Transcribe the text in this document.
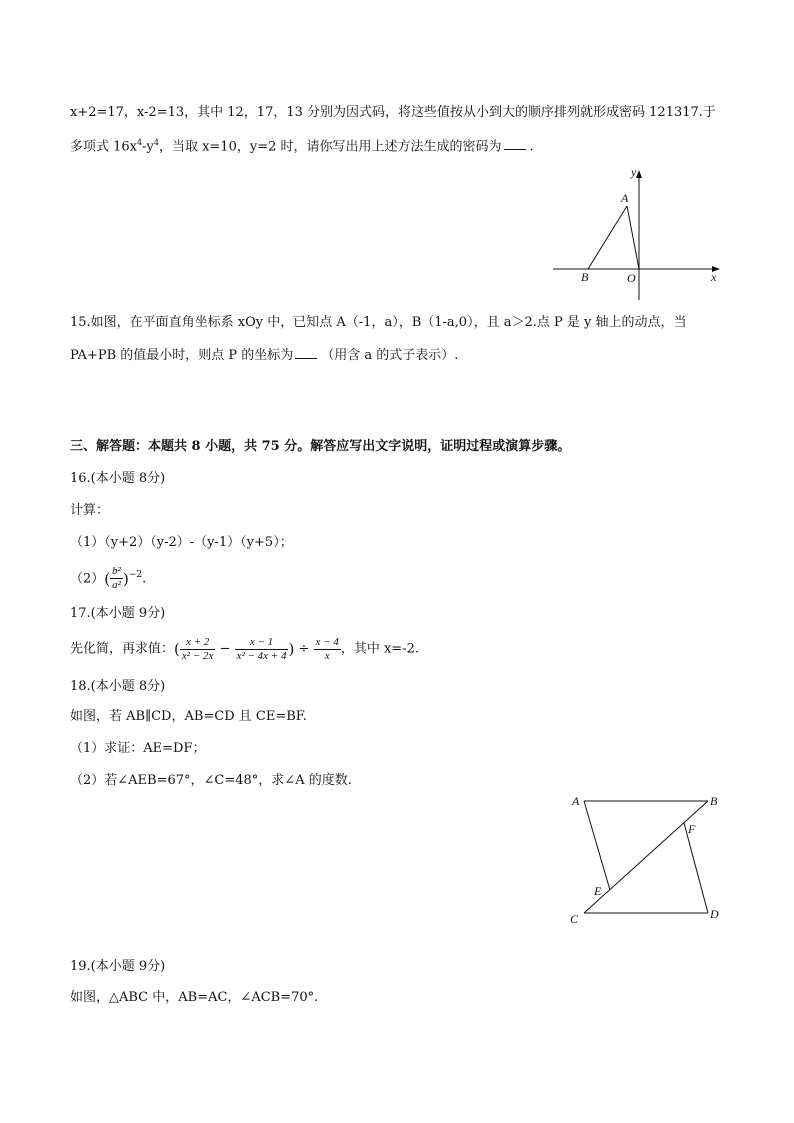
x+2=17，x-2=13，其中 12，17，13 分别为因式码，将这些值按从小到大的顺序排列就形成密码 121317.于
多项式 $16x^4-y^4$，当取 x=10，y=2 时，请你写出用上述方法生成的密码为 .
y
x
A
B	O
15.如图，在平面直角坐标系 xOy 中，已知点 A（-1，a），B（1-a,0），且 a＞2.点 P 是 y 轴上的动点，当
PA+PB 的值最小时，则点 P 的坐标为 （用含 a 的式子表示）.
三、解答题：本题共 8 小题，共 75 分。解答应写出文字说明，证明过程或演算步骤。
16.(本小题 8分)
计算：
（1）（y+2）（y-2）-（y-1）（y+5）；
$(2)( \frac{\text{b²}}{\text{a²}} )^{-2}$.
17.(本小题 9分)
先化简，再求值：( $\frac{x + 2}{\text{x² − 2x}} - \frac{x - 1}{\text{x² − 4x + 4}}$ ) ÷ $\frac{x - 4}{x}$ ，其中 x=-2.
18.(本小题 8分)
如图，若 AB∥CD，AB=CD 且 CE=BF.
（1）求证：AE=DF；
（2）若∠AEB=67°，∠C=48°，求∠A 的度数.
A	B
C	D
E
F
19.(本小题 9分)
如图，△ABC 中，AB=AC，∠ACB=70°.
